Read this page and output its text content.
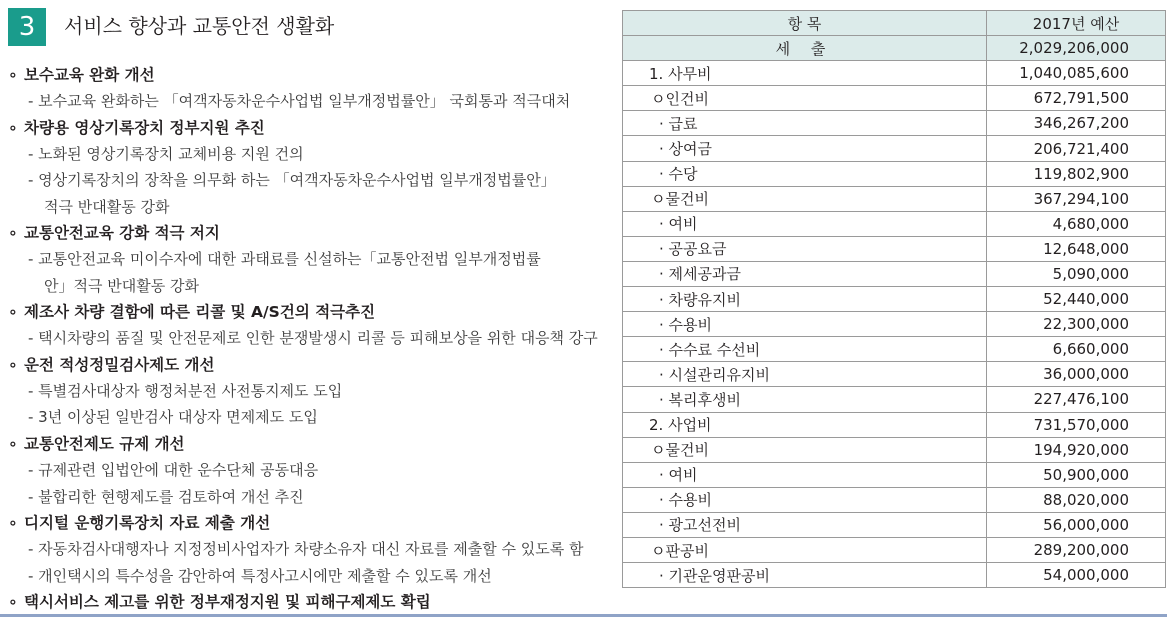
3	서비스 향상과 교통안전 생활화
∘ 보수교육 완화 개선
- 보수교육 완화하는 「여객자동차운수사업법 일부개정법률안」 국회통과 적극대처
∘ 차량용 영상기록장치 정부지원 추진
- 노화된 영상기록장치 교체비용 지원 건의
- 영상기록장치의 장착을 의무화 하는 「여객자동차운수사업법 일부개정법률안」
적극 반대활동 강화
∘ 교통안전교육 강화 적극 저지
- 교통안전교육 미이수자에 대한 과태료를 신설하는「교통안전법 일부개정법률
안」적극 반대활동 강화
∘ 제조사 차량 결함에 따른 리콜 및 A/S건의 적극추진
- 택시차량의 품질 및 안전문제로 인한 분쟁발생시 리콜 등 피해보상을 위한 대응책 강구
∘ 운전 적성정밀검사제도 개선
- 특별검사대상자 행정처분전 사전통지제도 도입
- 3년 이상된 일반검사 대상자 면제제도 도입
∘ 교통안전제도 규제 개선
- 규제관련 입법안에 대한 운수단체 공동대응
- 불합리한 현행제도를 검토하여 개선 추진
∘ 디지털 운행기록장치 자료 제출 개선
- 자동차검사대행자나 지정정비사업자가 차량소유자 대신 자료를 제출할 수 있도록 함
- 개인택시의 특수성을 감안하여 특정사고시에만 제출할 수 있도록 개선
∘ 택시서비스 제고를 위한 정부재정지원 및 피해구제제도 확립
항 목	2017년 예산
세 출	2,029,206,000
1. 사무비	1,040,085,600
ㅇ인건비	672,791,500
· 급료	346,267,200
· 상여금	206,721,400
· 수당	119,802,900
ㅇ물건비	367,294,100
· 여비	4,680,000
· 공공요금	12,648,000
· 제세공과금	5,090,000
· 차량유지비	52,440,000
· 수용비	22,300,000
· 수수료 수선비	6,660,000
· 시설관리유지비	36,000,000
· 복리후생비	227,476,100
2. 사업비	731,570,000
ㅇ물건비	194,920,000
· 여비	50,900,000
· 수용비	88,020,000
· 광고선전비	56,000,000
ㅇ판공비	289,200,000
· 기관운영판공비	54,000,000
